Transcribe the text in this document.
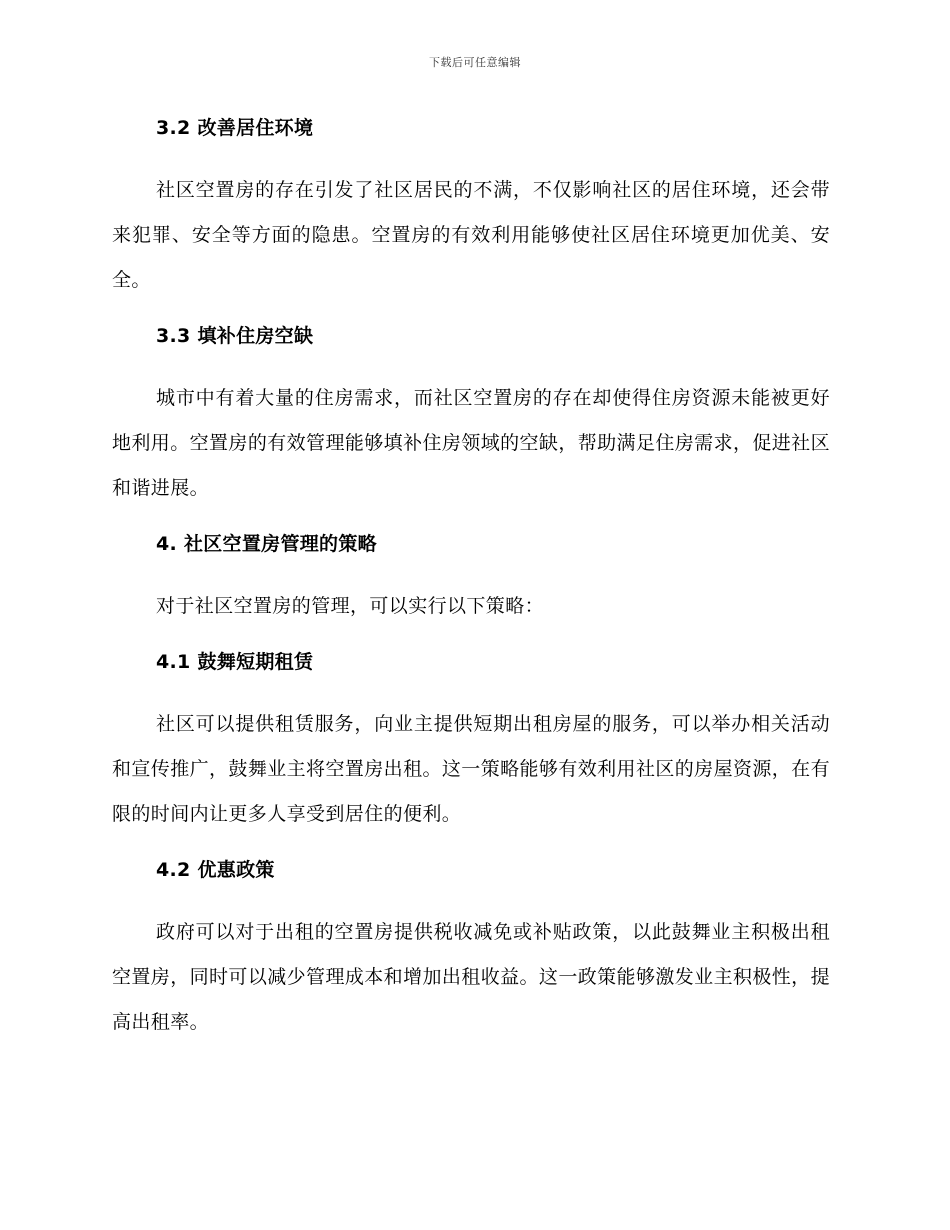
下载后可任意编辑
3.2 改善居住环境

社区空置房的存在引发了社区居民的不满，不仅影响社区的居住环境，还会带来犯罪、安全等方面的隐患。空置房的有效利用能够使社区居住环境更加优美、安全。

3.3 填补住房空缺

城市中有着大量的住房需求，而社区空置房的存在却使得住房资源未能被更好地利用。空置房的有效管理能够填补住房领域的空缺，帮助满足住房需求，促进社区和谐进展。

4. 社区空置房管理的策略

对于社区空置房的管理，可以实行以下策略：

4.1 鼓舞短期租赁

社区可以提供租赁服务，向业主提供短期出租房屋的服务，可以举办相关活动和宣传推广，鼓舞业主将空置房出租。这一策略能够有效利用社区的房屋资源，在有限的时间内让更多人享受到居住的便利。

4.2 优惠政策

政府可以对于出租的空置房提供税收减免或补贴政策，以此鼓舞业主积极出租空置房，同时可以减少管理成本和增加出租收益。这一政策能够激发业主积极性，提高出租率。
